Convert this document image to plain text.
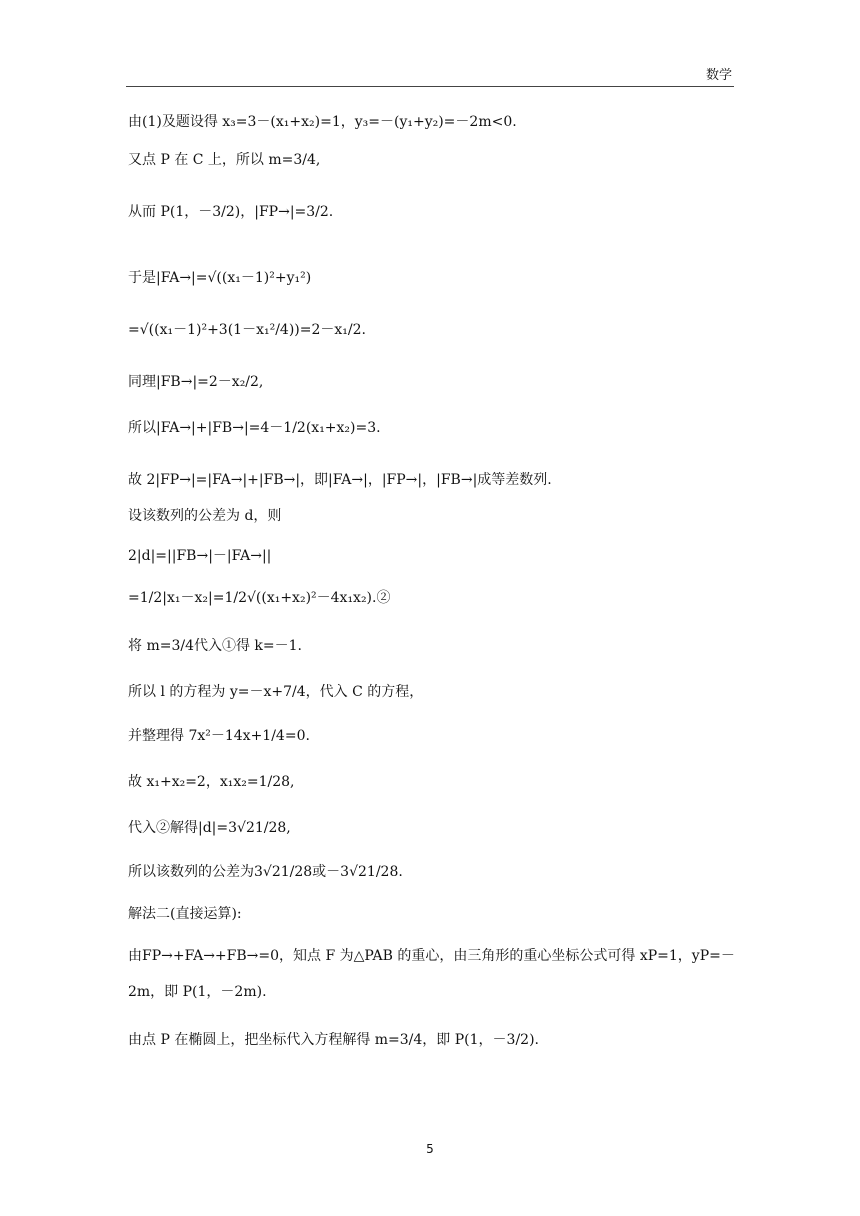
数学
由(1)及题设得 x₃=3－(x₁+x₂)=1，y₃=－(y₁+y₂)=－2m<0.
又点 P 在 C 上，所以 m=3/4,
从而 P(1，－3/2)，|FP→|=3/2.
于是|FA→|=√((x₁－1)²+y₁²)
=√((x₁－1)²+3(1－x₁²/4))=2－x₁/2.
同理|FB→|=2－x₂/2,
所以|FA→|+|FB→|=4－1/2(x₁+x₂)=3.
故 2|FP→|=|FA→|+|FB→|，即|FA→|，|FP→|，|FB→|成等差数列.
设该数列的公差为 d，则
2|d|=||FB→|－|FA→||
=1/2|x₁－x₂|=1/2√((x₁+x₂)²－4x₁x₂).②
将 m=3/4代入①得 k=－1.
所以 l 的方程为 y=－x+7/4，代入 C 的方程，
并整理得 7x²－14x+1/4=0.
故 x₁+x₂=2，x₁x₂=1/28,
代入②解得|d|=3√21/28,
所以该数列的公差为3√21/28或－3√21/28.
解法二(直接运算):
由FP→+FA→+FB→=0，知点 F 为△PAB 的重心，由三角形的重心坐标公式可得 xP=1，yP=－
2m，即 P(1，－2m).
由点 P 在椭圆上，把坐标代入方程解得 m=3/4，即 P(1，－3/2).
5
